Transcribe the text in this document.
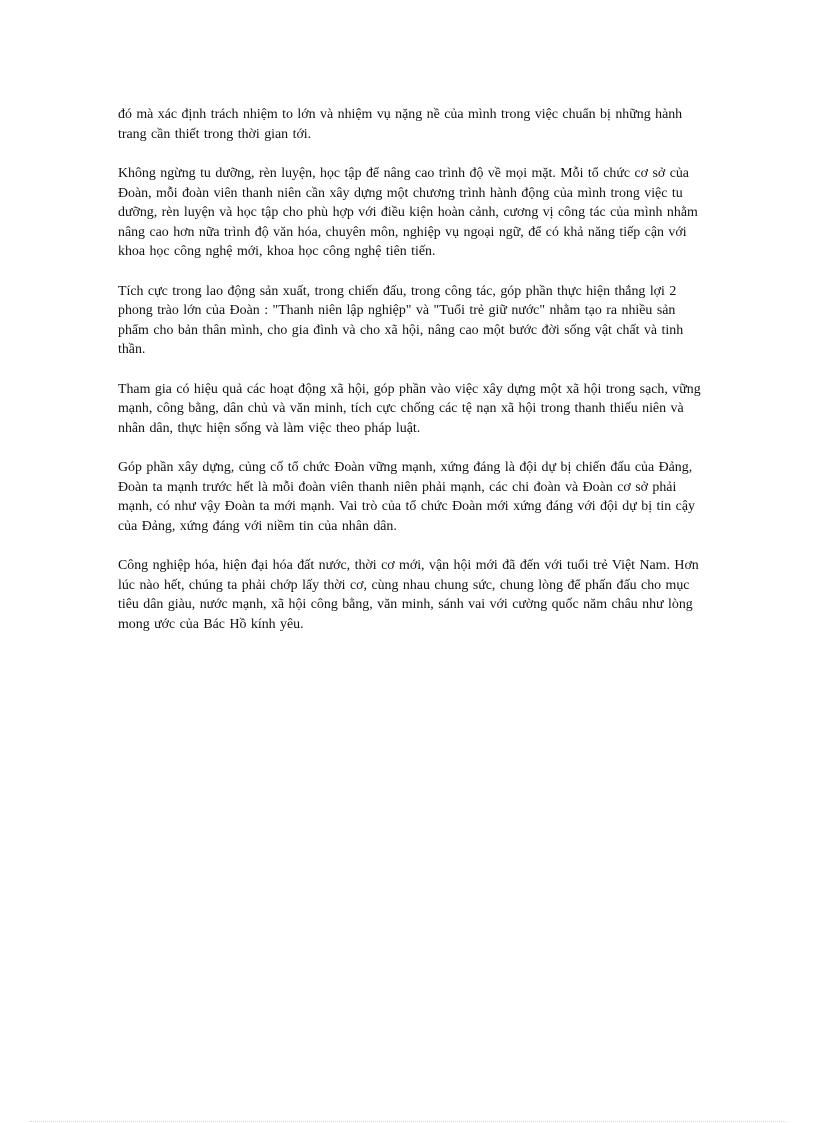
đó mà xác định trách nhiệm to lớn và nhiệm vụ nặng nề của mình trong việc chuẩn bị những hành trang cần thiết trong thời gian tới.

Không ngừng tu dưỡng, rèn luyện, học tập để nâng cao trình độ về mọi mặt. Mỗi tổ chức cơ sở của Đoàn, mỗi đoàn viên thanh niên cần xây dựng một chương trình hành động của mình trong việc tu dưỡng, rèn luyện và học tập cho phù hợp với điều kiện hoàn cảnh, cương vị công tác của mình nhằm nâng cao hơn nữa trình độ văn hóa, chuyên môn, nghiệp vụ ngoại ngữ, để có khả năng tiếp cận với khoa học công nghệ mới, khoa học công nghệ tiên tiến.

Tích cực trong lao động sản xuất, trong chiến đấu, trong công tác, góp phần thực hiện thắng lợi 2 phong trào lớn của Đoàn : "Thanh niên lập nghiệp" và "Tuổi trẻ giữ nước" nhằm tạo ra nhiều sản phẩm cho bản thân mình, cho gia đình và cho xã hội, nâng cao một bước đời sống vật chất và tinh thần.

Tham gia có hiệu quả các hoạt động xã hội, góp phần vào việc xây dựng một xã hội trong sạch, vững mạnh, công bằng, dân chủ và văn minh, tích cực chống các tệ nạn xã hội trong thanh thiếu niên và nhân dân, thực hiện sống và làm việc theo pháp luật.

Góp phần xây dựng, củng cố tổ chức Đoàn vững mạnh, xứng đáng là đội dự bị chiến đấu của Đảng, Đoàn ta mạnh trước hết là mỗi đoàn viên thanh niên phải mạnh, các chi đoàn và Đoàn cơ sở phải mạnh, có như vậy Đoàn ta mới mạnh. Vai trò của tổ chức Đoàn mới xứng đáng với đội dự bị tin cậy của Đảng, xứng đáng với niềm tin của nhân dân.

Công nghiệp hóa, hiện đại hóa đất nước, thời cơ mới, vận hội mới đã đến với tuổi trẻ Việt Nam. Hơn lúc nào hết, chúng ta phải chớp lấy thời cơ, cùng nhau chung sức, chung lòng để phấn đấu cho mục tiêu dân giàu, nước mạnh, xã hội công bằng, văn minh, sánh vai với cường quốc năm châu như lòng mong ước của Bác Hồ kính yêu.
